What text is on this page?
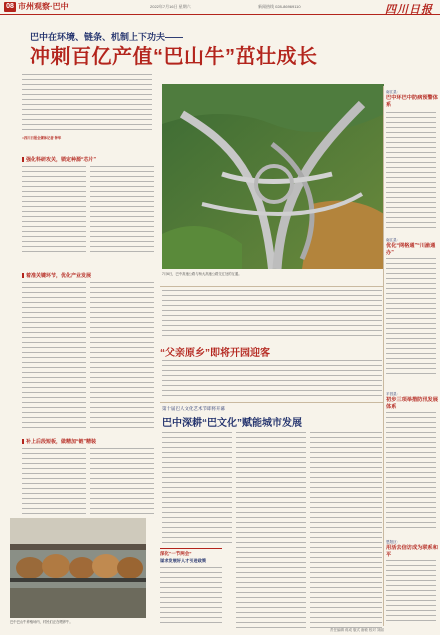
08 市州观察·巴中	2022年7月16日 星期六	新闻热线 028-86969110	四川日报
巴中在环境、链条、机制上下功夫——
冲刺百亿产值“巴山牛”茁壮成长
□四川日报全媒体记者 钟华
强化科研攻关，锁定种源“芯片”
着准关键环节，优化产业发展
补上后段短板，做精加“链”精装
巴中巴山牛养殖场内，村民们正在喂养牛。
7月6日，巴中高速公路与杨大高速公路交汇处的互通。
“父亲原乡”即将开园迎客
第十届巴人文化艺术节即将开幕
巴中深耕“巴文化”赋能城市发展
深化“一节两会”
谋求发展好人才引进政策
南江县：
巴中环巴中防病预警体系
南江县：
优化“网格通”“川渝通办”
平昌县：
初步三项举措防汛发展体系
恩阳区：
用活去信访成为联系和平
责任编辑 蒋成 版式 唐敏 校对 刘丽
